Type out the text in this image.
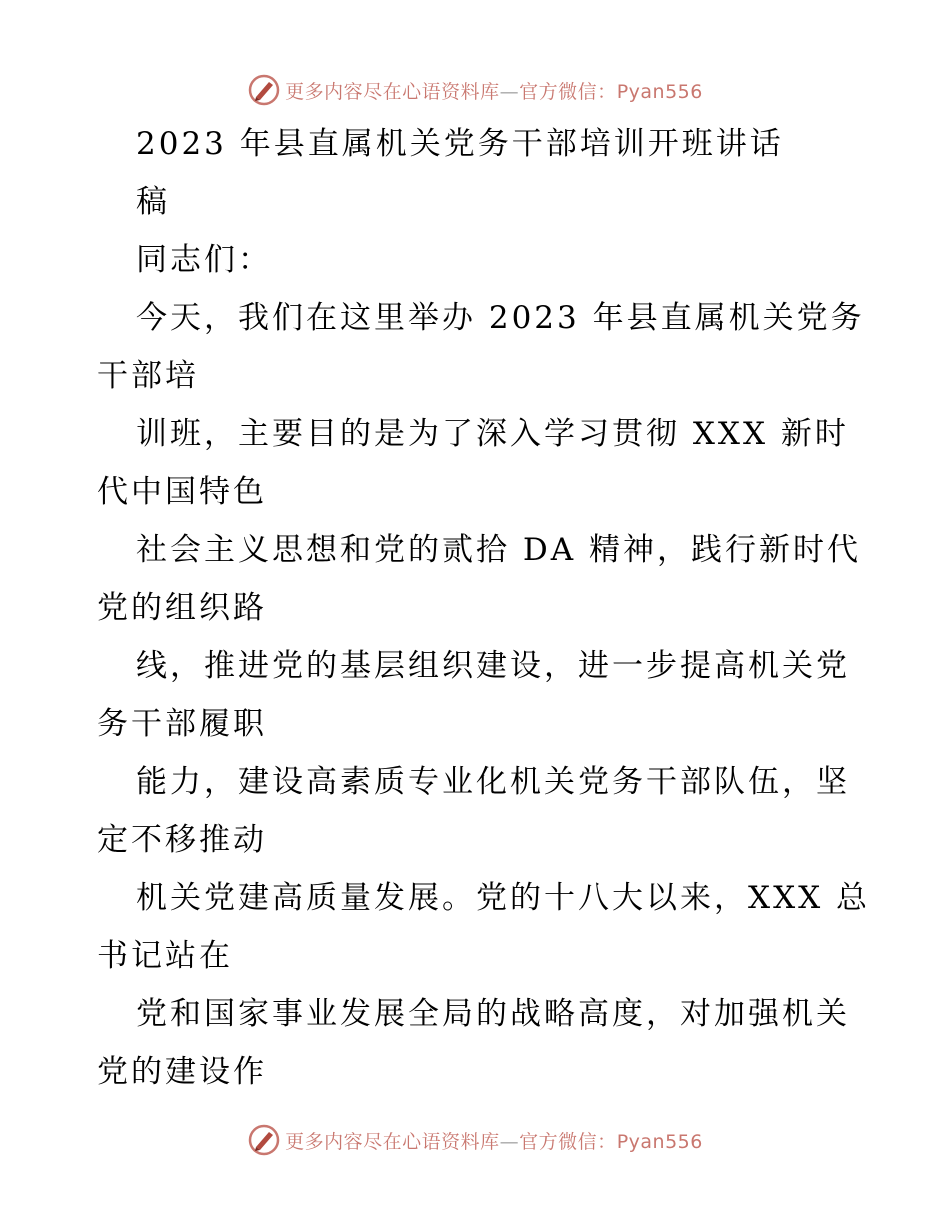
更多内容尽在心语资料库—官方微信：Pyan556
2023 年县直属机关党务干部培训开班讲话
稿
同志们：
今天，我们在这里举办 2023 年县直属机关党务
干部培
训班，主要目的是为了深入学习贯彻 XXX 新时
代中国特色
社会主义思想和党的贰拾 DA 精神，践行新时代
党的组织路
线，推进党的基层组织建设，进一步提高机关党
务干部履职
能力，建设高素质专业化机关党务干部队伍，坚
定不移推动
机关党建高质量发展。党的十八大以来，XXX 总
书记站在
党和国家事业发展全局的战略高度，对加强机关
党的建设作
更多内容尽在心语资料库—官方微信：Pyan556
